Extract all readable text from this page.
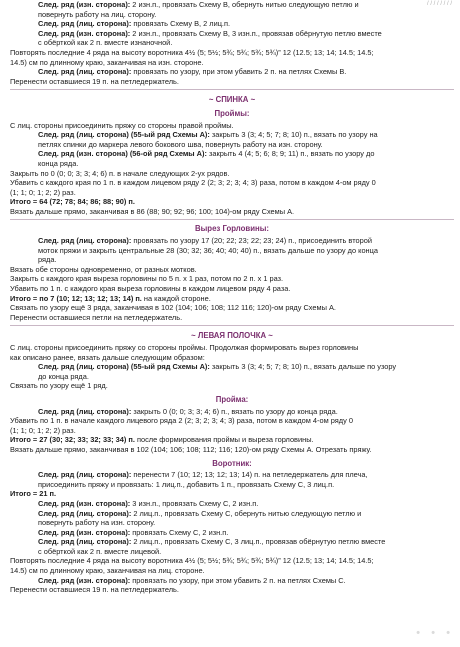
/ / / / / / / /

След. ряд (изн. сторона): 2 изн.п., провязать Схему В, обернуть нитью следующую петлю и

повернуть работу на лиц. сторону.

След. ряд (лиц. сторона): провязать Схему В, 2 лиц.п.

След. ряд (изн. сторона): 2 изн.п., провязать Схему В, 3 изн.п., провязав обёрнутую петлю вместе

с обёрткой как 2 п. вместе изнаночной.

Повторять последние 4 ряда на высоту воротника 4½ (5; 5½; 5¾; 5¾; 5¾; 5¾)” 12 (12.5; 13; 14; 14.5; 14.5;

14.5) см по длинному краю, заканчивая на изн. стороне.

След. ряд (лиц. сторона): провязать по узору, при этом убавить 2 п. на петлях Схемы В.

Перенести оставшиеся 19 п. на петледержатель.

~ СПИНКА ~
Проймы:

С лиц. стороны присоединить пряжу со стороны правой проймы.

След. ряд (лиц. сторона) (55-ый ряд Схемы А): закрыть 3 (3; 4; 5; 7; 8; 10) п., вязать по узору на

петлях спинки до маркера левого бокового шва, повернуть работу на изн. сторону.

След. ряд (изн. сторона) (56-ой ряд Схемы А): закрыть 4 (4; 5; 6; 8; 9; 11) п., вязать по узору до

конца ряда.

Закрыть по 0 (0; 0; 3; 3; 4; 6) п. в начале следующих 2-ух рядов.

Убавить с каждого края по 1 п. в каждом лицевом ряду 2 (2; 3; 2; 3; 4; 3) раза, потом в каждом 4-ом ряду 0

(1; 1; 0; 1; 2; 2) раз.

Итого = 64 (72; 78; 84; 86; 88; 90) п.

Вязать дальше прямо, заканчивая в 86 (88; 90; 92; 96; 100; 104)-ом ряду Схемы А.

Вырез Горловины:

След. ряд (лиц. сторона): провязать по узору 17 (20; 22; 23; 22; 23; 24) п., присоединить второй

моток пряжи и закрыть центральные 28 (30; 32; 36; 40; 40; 40) п., вязать дальше по узору до конца

ряда.

Вязать обе стороны одновременно, от разных мотков.

Закрыть с каждого края выреза горловины по 5 п. х 1 раз, потом по 2 п. х 1 раз.

Убавить по 1 п. с каждого края выреза горловины в каждом лицевом ряду 4 раза.

Итого = по 7 (10; 12; 13; 12; 13; 14) п. на каждой стороне.

Связать по узору ещё 3 ряда, заканчивая в 102 (104; 106; 108; 112 116; 120)-ом ряду Схемы А.

Перенести оставшиеся петли на петледержатель.

~ ЛЕВАЯ ПОЛОЧКА ~

С лиц. стороны присоединить пряжу со стороны проймы. Продолжая формировать вырез горловины

как описано ранее, вязать дальше следующим образом:

След. ряд (лиц. сторона) (55-ый ряд Схемы А): закрыть 3 (3; 4; 5; 7; 8; 10) п., вязать дальше по узору

до конца ряда.

Связать по узору ещё 1 ряд.

Пройма:

След. ряд (лиц. сторона): закрыть 0 (0; 0; 3; 3; 4; 6) п., вязать по узору до конца ряда.

Убавить по 1 п. в начале каждого лицевого ряда 2 (2; 3; 2; 3; 4; 3) раза, потом в каждом 4-ом ряду 0

(1; 1; 0; 1; 2; 2) раз.

Итого = 27 (30; 32; 33; 32; 33; 34) п. после формирования проймы и выреза горловины.

Вязать дальше прямо, заканчивая в 102 (104; 106; 108; 112; 116; 120)-ом ряду Схемы А. Отрезать пряжу.

Воротник:

След. ряд (лиц. сторона): перенести 7 (10; 12; 13; 12; 13; 14) п. на петледержатель для плеча,

присоединить пряжу и провязать: 1 лиц.п., добавить 1 п., провязать Схему С, 3 лиц.п.

Итого = 21 п.

След. ряд (изн. сторона): 3 изн.п., провязать Схему С, 2 изн.п.

След. ряд (лиц. сторона): 2 лиц.п., провязать Схему С, обернуть нитью следующую петлю и

повернуть работу на изн. сторону.

След. ряд (изн. сторона): провязать Схему С, 2 изн.п.

След. ряд (лиц. сторона): 2 лиц.п., провязать Схему С, 3 лиц.п., провязав обёрнутую петлю вместе

с обёрткой как 2 п. вместе лицевой.

Повторять последние 4 ряда на высоту воротника 4½ (5; 5½; 5¾; 5¾; 5¾; 5¾)” 12 (12.5; 13; 14; 14.5; 14.5;

14.5) см по длинному краю, заканчивая на лиц. стороне.

След. ряд (изн. сторона): провязать по узору, при этом убавить 2 п. на петлях Схемы С.

Перенести оставшиеся 19 п. на петледержатель.

· · ·
